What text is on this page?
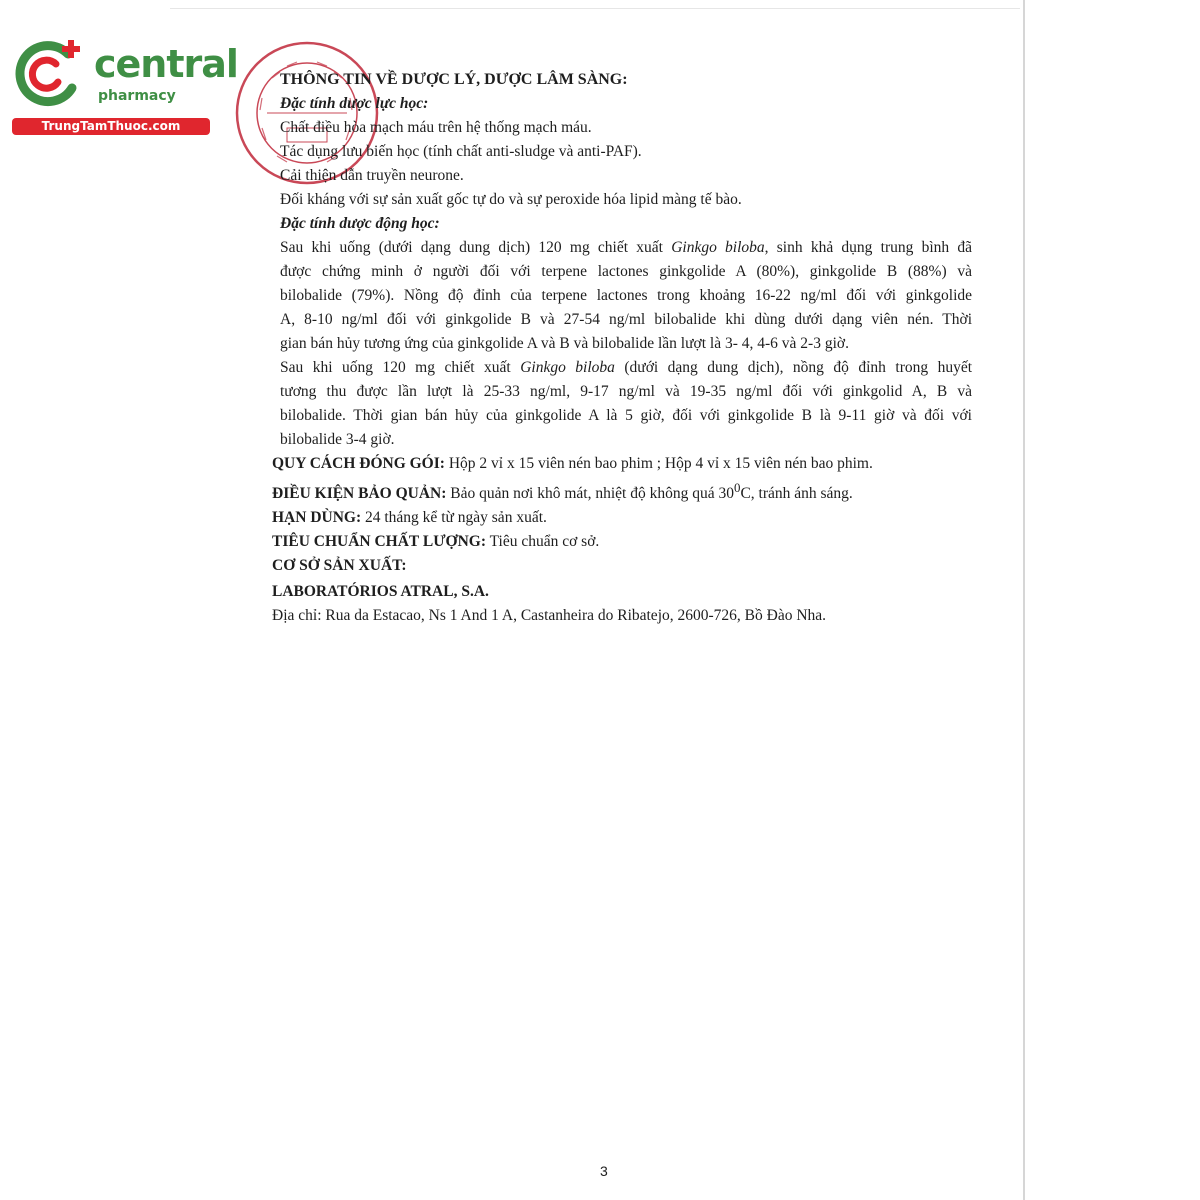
central
pharmacy
TrungTamThuoc.com
THÔNG TIN VỀ DƯỢC LÝ, DƯỢC LÂM SÀNG:
Đặc tính dược lực học:
Chất điều hòa mạch máu trên hệ thống mạch máu.
Tác dụng lưu biến học (tính chất anti-sludge và anti-PAF).
Cải thiện dẫn truyền neurone.
Đối kháng với sự sản xuất gốc tự do và sự peroxide hóa lipid màng tế bào.
Đặc tính dược động học:
Sau khi uống (dưới dạng dung dịch) 120 mg chiết xuất Ginkgo biloba, sinh khả dụng trung bình đã
được chứng minh ở người đối với terpene lactones ginkgolide A (80%), ginkgolide B (88%) và
bilobalide (79%). Nồng độ đỉnh của terpene lactones trong khoảng 16-22 ng/ml đối với ginkgolide
A, 8-10 ng/ml đối với ginkgolide B và 27-54 ng/ml bilobalide khi dùng dưới dạng viên nén. Thời
gian bán hủy tương ứng của ginkgolide A và B và bilobalide lần lượt là 3- 4, 4-6 và 2-3 giờ.
Sau khi uống 120 mg chiết xuất Ginkgo biloba (dưới dạng dung dịch), nồng độ đỉnh trong huyết
tương thu được lần lượt là 25-33 ng/ml, 9-17 ng/ml và 19-35 ng/ml đối với ginkgolid A, B và
bilobalide. Thời gian bán hủy của ginkgolide A là 5 giờ, đối với ginkgolide B là 9-11 giờ và đối với
bilobalide 3-4 giờ.
QUY CÁCH ĐÓNG GÓI: Hộp 2 vỉ x 15 viên nén bao phim ; Hộp 4 vỉ x 15 viên nén bao phim.
ĐIỀU KIỆN BẢO QUẢN: Bảo quản nơi khô mát, nhiệt độ không quá $30^0C$, tránh ánh sáng.
HẠN DÙNG: 24 tháng kể từ ngày sản xuất.
TIÊU CHUẨN CHẤT LƯỢNG: Tiêu chuẩn cơ sở.
CƠ SỞ SẢN XUẤT:
LABORATÓRIOS ATRAL, S.A.
Địa chỉ: Rua da Estacao, Ns 1 And 1 A, Castanheira do Ribatejo, 2600-726, Bồ Đào Nha.
3
